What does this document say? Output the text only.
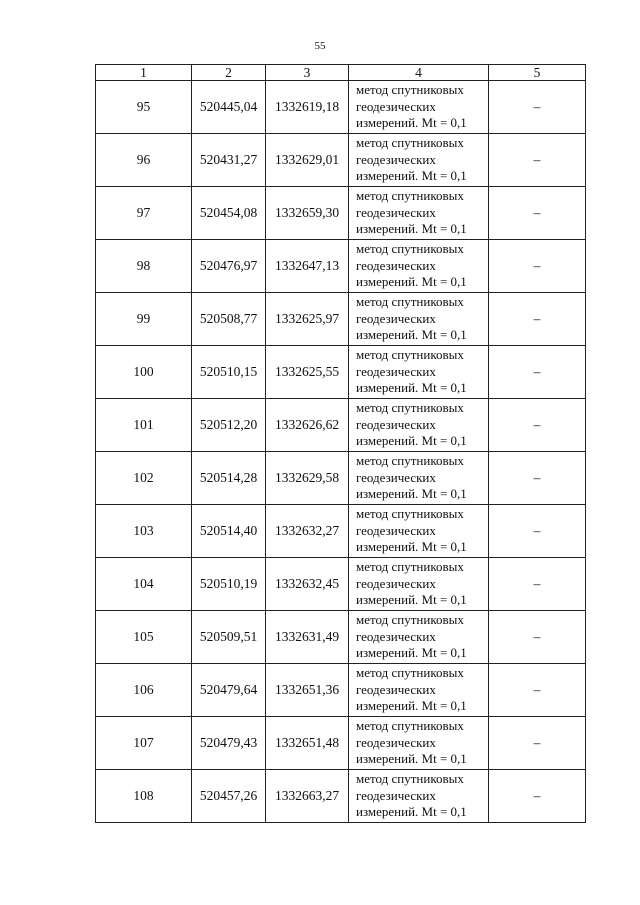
55
1	2	3	4	5
95	520445,04	1332619,18	метод спутниковых
геодезических
измерений. Mt = 0,1	–
96	520431,27	1332629,01	метод спутниковых
геодезических
измерений. Mt = 0,1	–
97	520454,08	1332659,30	метод спутниковых
геодезических
измерений. Mt = 0,1	–
98	520476,97	1332647,13	метод спутниковых
геодезических
измерений. Mt = 0,1	–
99	520508,77	1332625,97	метод спутниковых
геодезических
измерений. Mt = 0,1	–
100	520510,15	1332625,55	метод спутниковых
геодезических
измерений. Mt = 0,1	–
101	520512,20	1332626,62	метод спутниковых
геодезических
измерений. Mt = 0,1	–
102	520514,28	1332629,58	метод спутниковых
геодезических
измерений. Mt = 0,1	–
103	520514,40	1332632,27	метод спутниковых
геодезических
измерений. Mt = 0,1	–
104	520510,19	1332632,45	метод спутниковых
геодезических
измерений. Mt = 0,1	–
105	520509,51	1332631,49	метод спутниковых
геодезических
измерений. Mt = 0,1	–
106	520479,64	1332651,36	метод спутниковых
геодезических
измерений. Mt = 0,1	–
107	520479,43	1332651,48	метод спутниковых
геодезических
измерений. Mt = 0,1	–
108	520457,26	1332663,27	метод спутниковых
геодезических
измерений. Mt = 0,1	–
